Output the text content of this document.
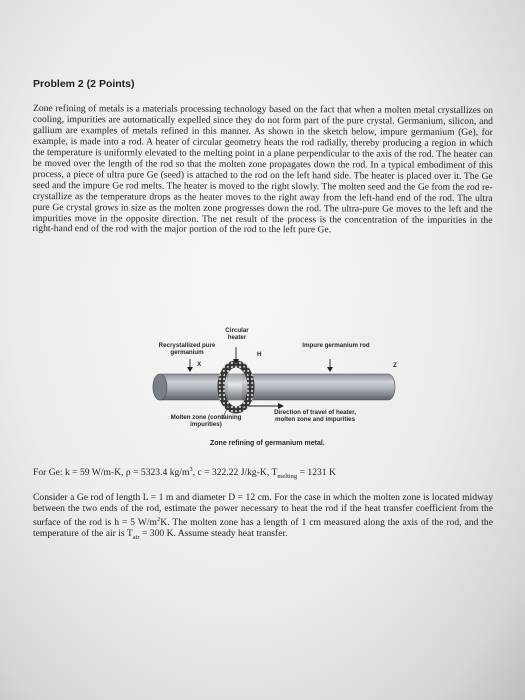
Problem 2 (2 Points)

Zone refining of metals is a materials processing technology based on the fact that when a molten metal crystallizes on cooling, impurities are automatically expelled since they do not form part of the pure crystal. Germanium, silicon, and gallium are examples of metals refined in this manner. As shown in the sketch below, impure germanium (Ge), for example, is made into a rod. A heater of circular geometry heats the rod radially, thereby producing a region in which the temperature is uniformly elevated to the melting point in a plane perpendicular to the axis of the rod. The heater can be moved over the length of the rod so that the molten zone propagates down the rod. In a typical embodiment of this process, a piece of ultra pure Ge (seed) is attached to the rod on the left hand side. The heater is placed over it. The Ge seed and the impure Ge rod melts. The heater is moved to the right slowly. The molten seed and the Ge from the rod re-crystallize as the temperature drops as the heater moves to the right away from the left-hand end of the rod. The ultra pure Ge crystal grows in size as the molten zone progresses down the rod. The ultra-pure Ge moves to the left and the impurities move in the opposite direction. The net result of the process is the concentration of the impurities in the right-hand end of the rod with the major portion of the rod to the left pure Ge.

Circular heater
Recrystallized pure germanium
Impure germanium rod
X
H
Y
Z
Molten zone (containing impurities)
Direction of travel of heater, molten zone and impurities
Zone refining of germanium metal.
For Ge: k = 59 W/m-K, ρ = 5323.4 $kg/m^3$, c = 322.22 J/kg-K, $T_{melting} = 1231$ K

Consider a Ge rod of length L = 1 m and diameter D = 12 cm. For the case in which the molten zone is located midway between the two ends of the rod, estimate the power necessary to heat the rod if the heat transfer coefficient from the surface of the rod is h = 5 $W/m^2K$. The molten zone has a length of 1 cm measured along the axis of the rod, and the temperature of the air is $T_{air} = 300$ K. Assume steady heat transfer.
